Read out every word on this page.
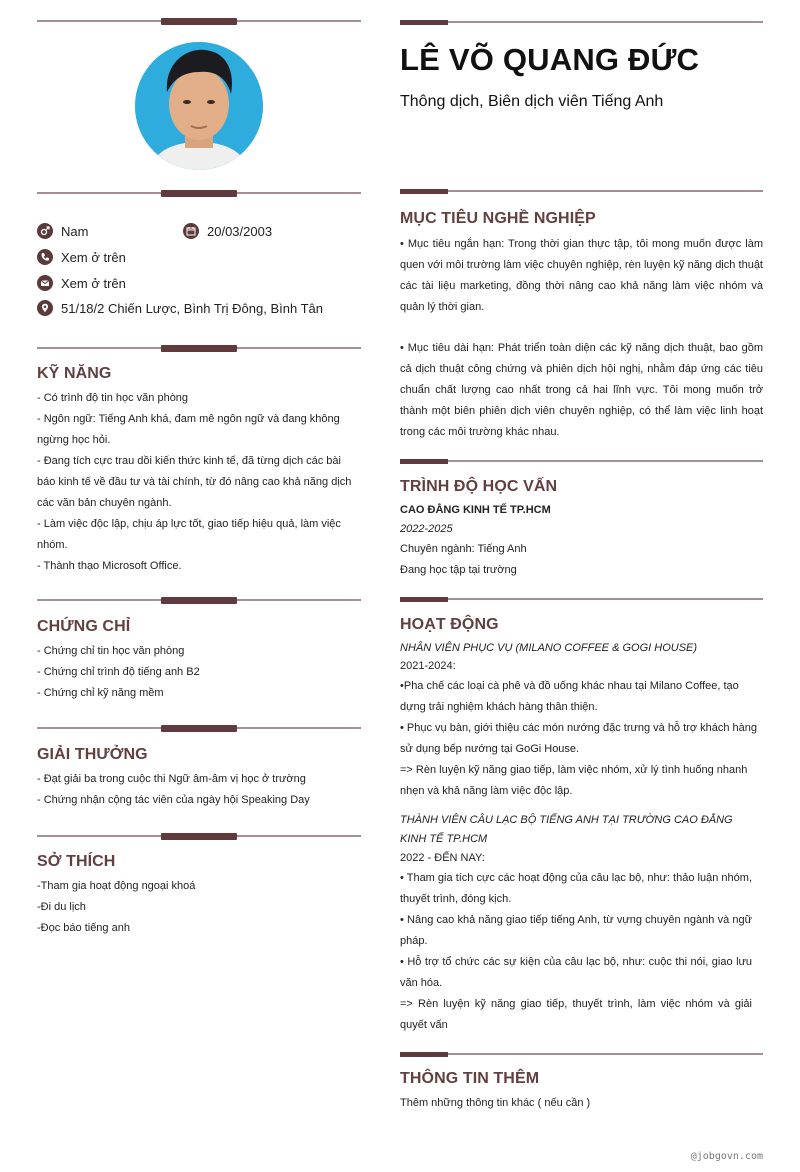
Nam	20/03/2003
Xem ở trên
Xem ở trên
51/18/2 Chiến Lược, Bình Trị Đông, Bình Tân
KỸ NĂNG
- Có trình độ tin học văn phòng
- Ngôn ngữ: Tiếng Anh khá, đam mê ngôn ngữ và đang không ngừng học hỏi.
- Đang tích cực trau dồi kiến thức kinh tế, đã từng dịch các bài báo kinh tế về đầu tư và tài chính, từ đó nâng cao khả năng dịch các văn bản chuyên ngành.
- Làm việc độc lập, chịu áp lực tốt, giao tiếp hiệu quả, làm việc nhóm.
- Thành thạo Microsoft Office.
CHỨNG CHỈ
- Chứng chỉ tin học văn phòng
- Chứng chỉ trình độ tiếng anh B2
- Chứng chỉ kỹ năng mềm
GIẢI THƯỞNG
- Đạt giải ba trong cuộc thi Ngữ âm-âm vị học ở trường
- Chứng nhận cộng tác viên của ngày hội Speaking Day
SỞ THÍCH
-Tham gia hoạt động ngoại khoá
-Đi du lịch
-Đọc báo tiếng anh
LÊ VÕ QUANG ĐỨC
Thông dịch, Biên dịch viên Tiếng Anh
MỤC TIÊU NGHỀ NGHIỆP
• Mục tiêu ngắn hạn: Trong thời gian thực tập, tôi mong muốn được làm quen với môi trường làm việc chuyên nghiệp, rèn luyện kỹ năng dịch thuật các tài liệu marketing, đồng thời nâng cao khả năng làm việc nhóm và quản lý thời gian.
• Mục tiêu dài hạn: Phát triển toàn diện các kỹ năng dịch thuật, bao gồm cả dịch thuật công chứng và phiên dịch hội nghị, nhằm đáp ứng các tiêu chuẩn chất lượng cao nhất trong cả hai lĩnh vực. Tôi mong muốn trở thành một biên phiên dịch viên chuyên nghiệp, có thể làm việc linh hoạt trong các môi trường khác nhau.
TRÌNH ĐỘ HỌC VẤN
CAO ĐẲNG KINH TẾ TP.HCM
2022-2025
Chuyên ngành: Tiếng Anh
Đang học tập tại trường
HOẠT ĐỘNG
NHÂN VIÊN PHỤC VỤ (MILANO COFFEE & GOGI HOUSE)
2021-2024:
•Pha chế các loại cà phê và đồ uống khác nhau tại Milano Coffee, tạo dựng trải nghiệm khách hàng thân thiện.
• Phục vụ bàn, giới thiệu các món nướng đặc trưng và hỗ trợ khách hàng sử dụng bếp nướng tại GoGi House.
=> Rèn luyện kỹ năng giao tiếp, làm việc nhóm, xử lý tình huống nhanh nhẹn và khả năng làm việc độc lập.
THÀNH VIÊN CÂU LẠC BỘ TIẾNG ANH TẠI TRƯỜNG CAO ĐẲNG KINH TẾ TP.HCM
2022 - ĐẾN NAY:
• Tham gia tích cực các hoạt động của câu lạc bộ, như: thảo luận nhóm, thuyết trình, đóng kịch.
• Nâng cao khả năng giao tiếp tiếng Anh, từ vựng chuyên ngành và ngữ pháp.
• Hỗ trợ tổ chức các sự kiện của câu lạc bộ, như: cuộc thi nói, giao lưu văn hóa.
=> Rèn luyện kỹ năng giao tiếp, thuyết trình, làm việc nhóm và giải quyết vấn
THÔNG TIN THÊM
Thêm những thông tin khác ( nếu cần )
@jobgovn.com
